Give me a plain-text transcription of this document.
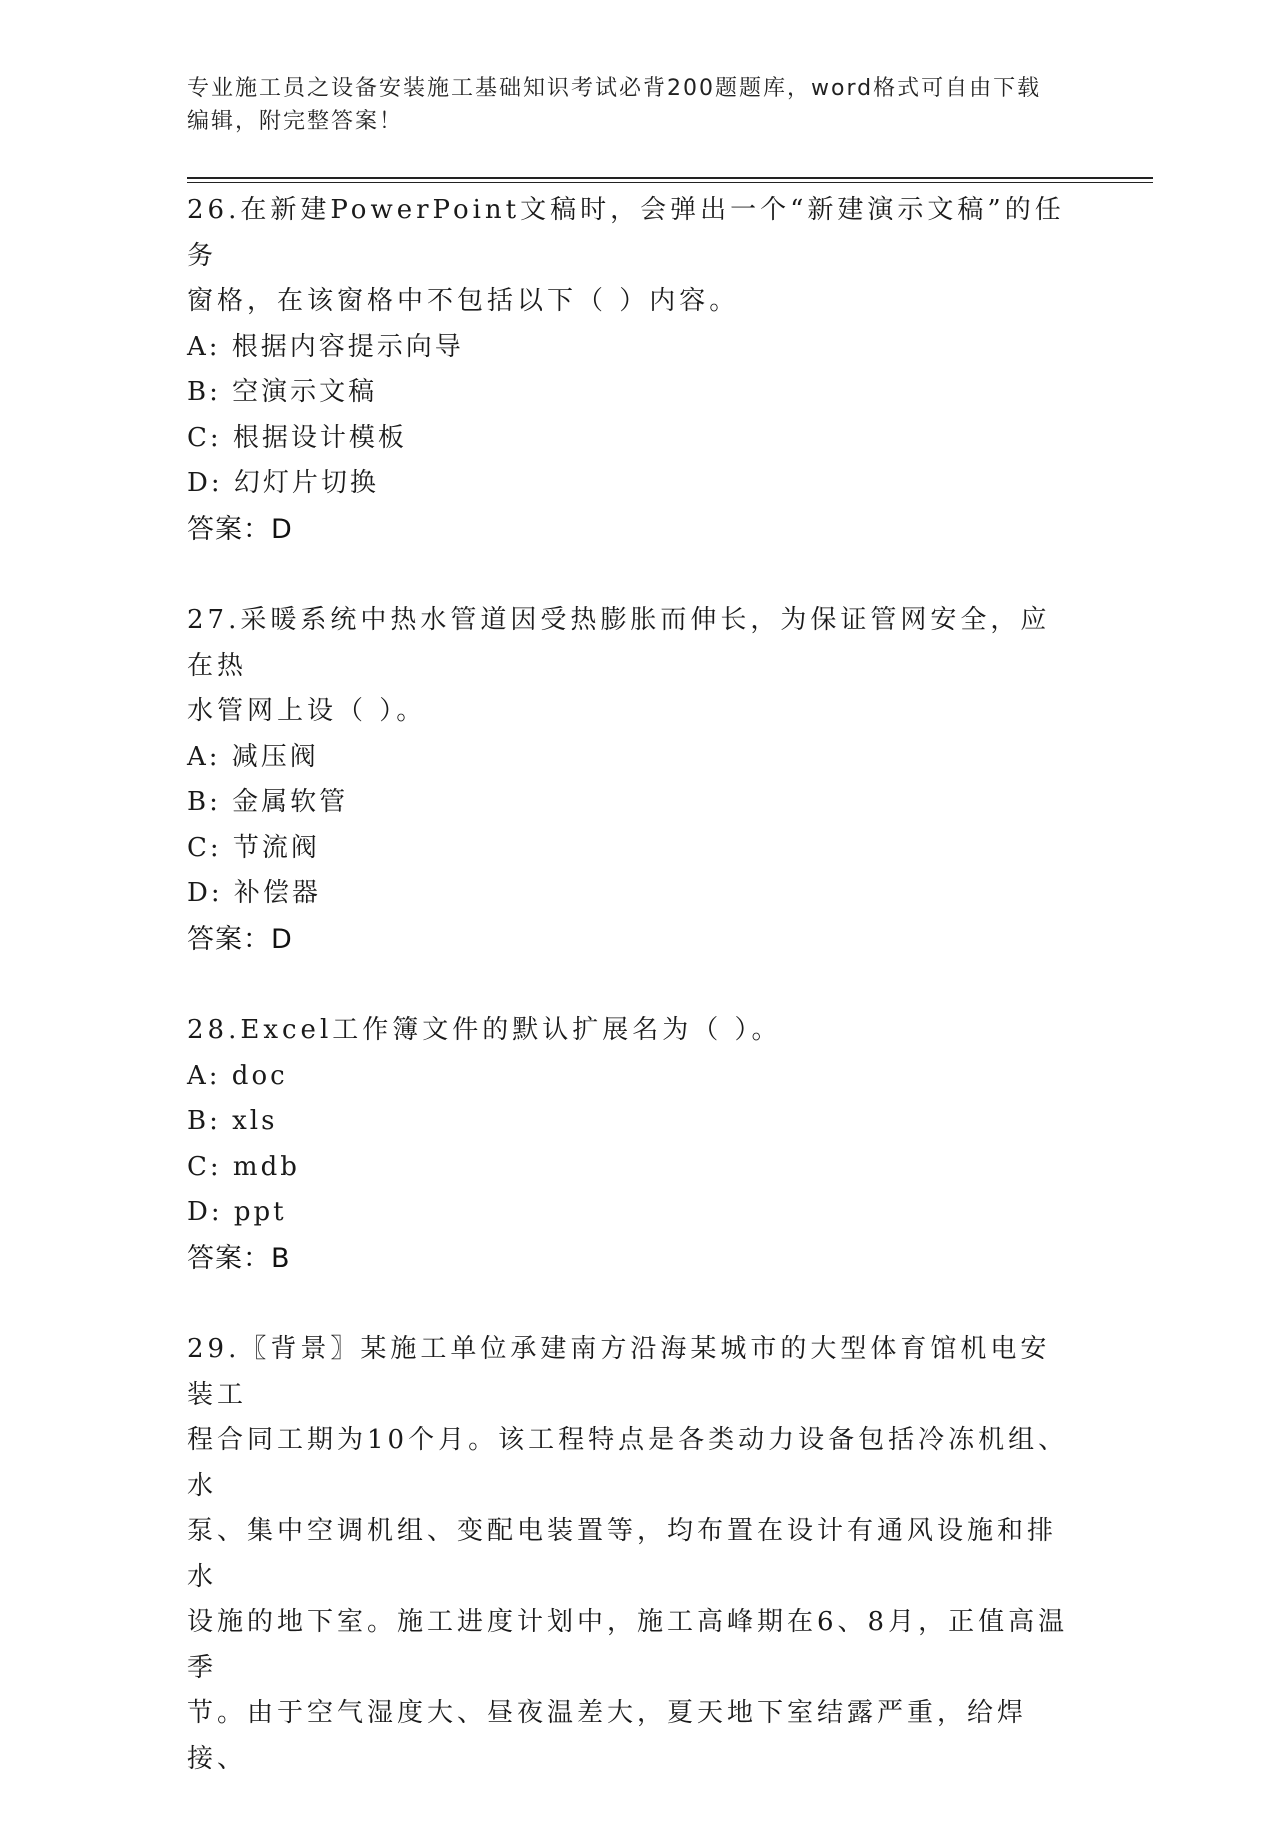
专业施工员之设备安装施工基础知识考试必背200题题库，word格式可自由下载
编辑，附完整答案！
26.在新建PowerPoint文稿时，会弹出一个“新建演示文稿”的任务
窗格，在该窗格中不包括以下（ ）内容。
A: 根据内容提示向导
B: 空演示文稿
C: 根据设计模板
D: 幻灯片切换
答案：D
27.采暖系统中热水管道因受热膨胀而伸长，为保证管网安全，应在热
水管网上设（ ）。
A: 减压阀
B: 金属软管
C: 节流阀
D: 补偿器
答案：D
28.Excel工作簿文件的默认扩展名为（ ）。
A: doc
B: xls
C: mdb
D: ppt
答案：B
29.〖背景〗某施工单位承建南方沿海某城市的大型体育馆机电安装工
程合同工期为10个月。该工程特点是各类动力设备包括冷冻机组、水
泵、集中空调机组、变配电装置等，均布置在设计有通风设施和排水
设施的地下室。施工进度计划中，施工高峰期在6、8月，正值高温季
节。由于空气湿度大、昼夜温差大，夏天地下室结露严重，给焊接、
